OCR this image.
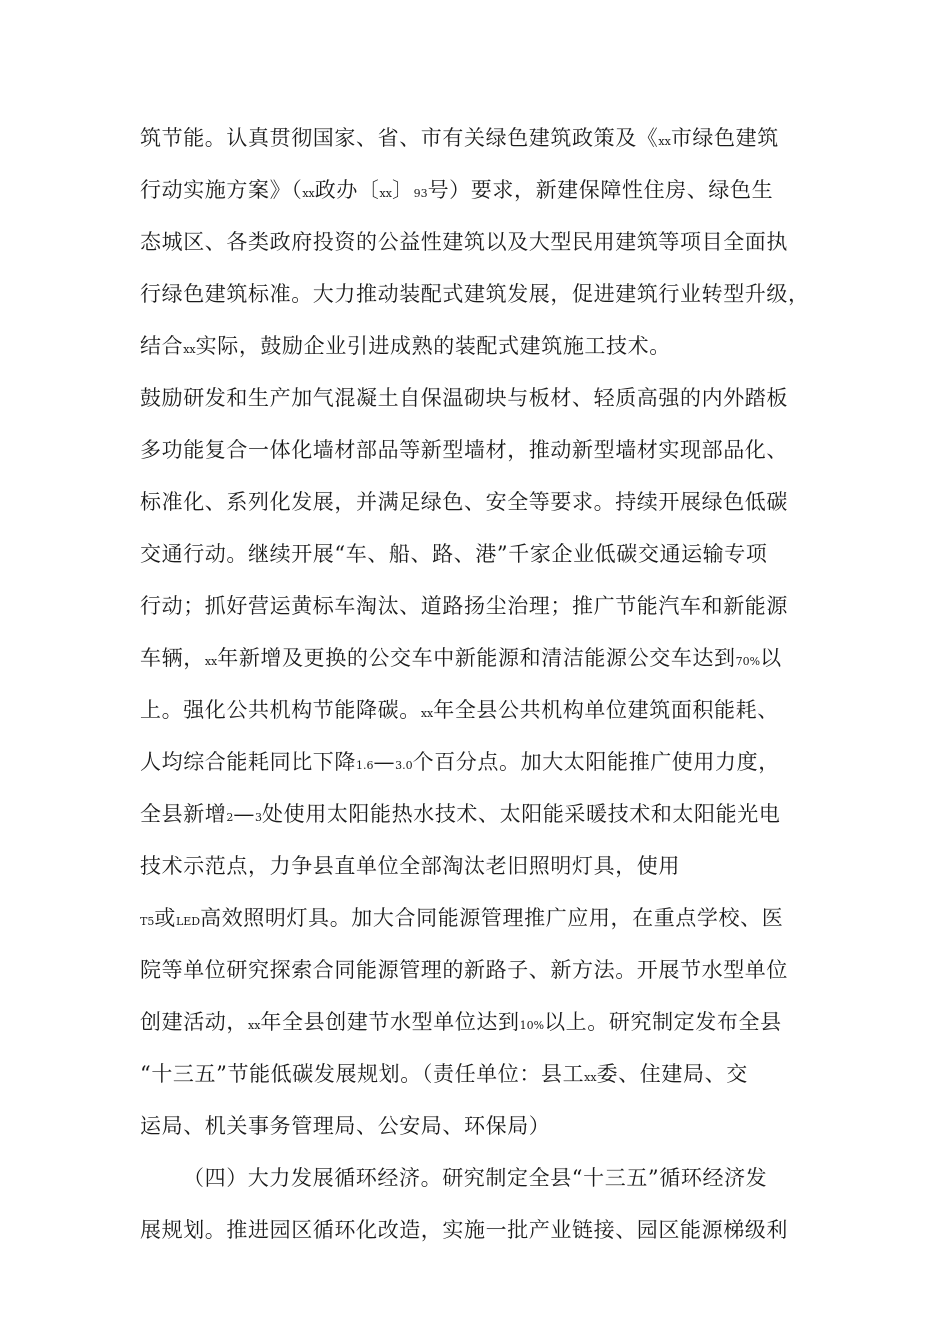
筑节能。认真贯彻国家、省、市有关绿色建筑政策及《xx市绿色建筑
行动实施方案》（xx政办〔xx〕93号）要求，新建保障性住房、绿色生
态城区、各类政府投资的公益性建筑以及大型民用建筑等项目全面执
行绿色建筑标准。大力推动装配式建筑发展，促进建筑行业转型升级，
结合xx实际，鼓励企业引进成熟的装配式建筑施工技术。
鼓励研发和生产加气混凝土自保温砌块与板材、轻质高强的内外踏板
多功能复合一体化墙材部品等新型墙材，推动新型墙材实现部品化、
标准化、系列化发展，并满足绿色、安全等要求。持续开展绿色低碳
交通行动。继续开展“车、船、路、港”千家企业低碳交通运输专项
行动；抓好营运黄标车淘汰、道路扬尘治理；推广节能汽车和新能源
车辆，xx年新增及更换的公交车中新能源和清洁能源公交车达到70%以
上。强化公共机构节能降碳。xx年全县公共机构单位建筑面积能耗、
人均综合能耗同比下降1.6—3.0个百分点。加大太阳能推广使用力度，
全县新增2—3处使用太阳能热水技术、太阳能采暖技术和太阳能光电
技术示范点，力争县直单位全部淘汰老旧照明灯具，使用
T5或LED高效照明灯具。加大合同能源管理推广应用，在重点学校、医
院等单位研究探索合同能源管理的新路子、新方法。开展节水型单位
创建活动，xx年全县创建节水型单位达到10%以上。研究制定发布全县
“十三五”节能低碳发展规划。（责任单位：县工xx委、住建局、交
运局、机关事务管理局、公安局、环保局）
（四）大力发展循环经济。研究制定全县“十三五”循环经济发
展规划。推进园区循环化改造，实施一批产业链接、园区能源梯级利
